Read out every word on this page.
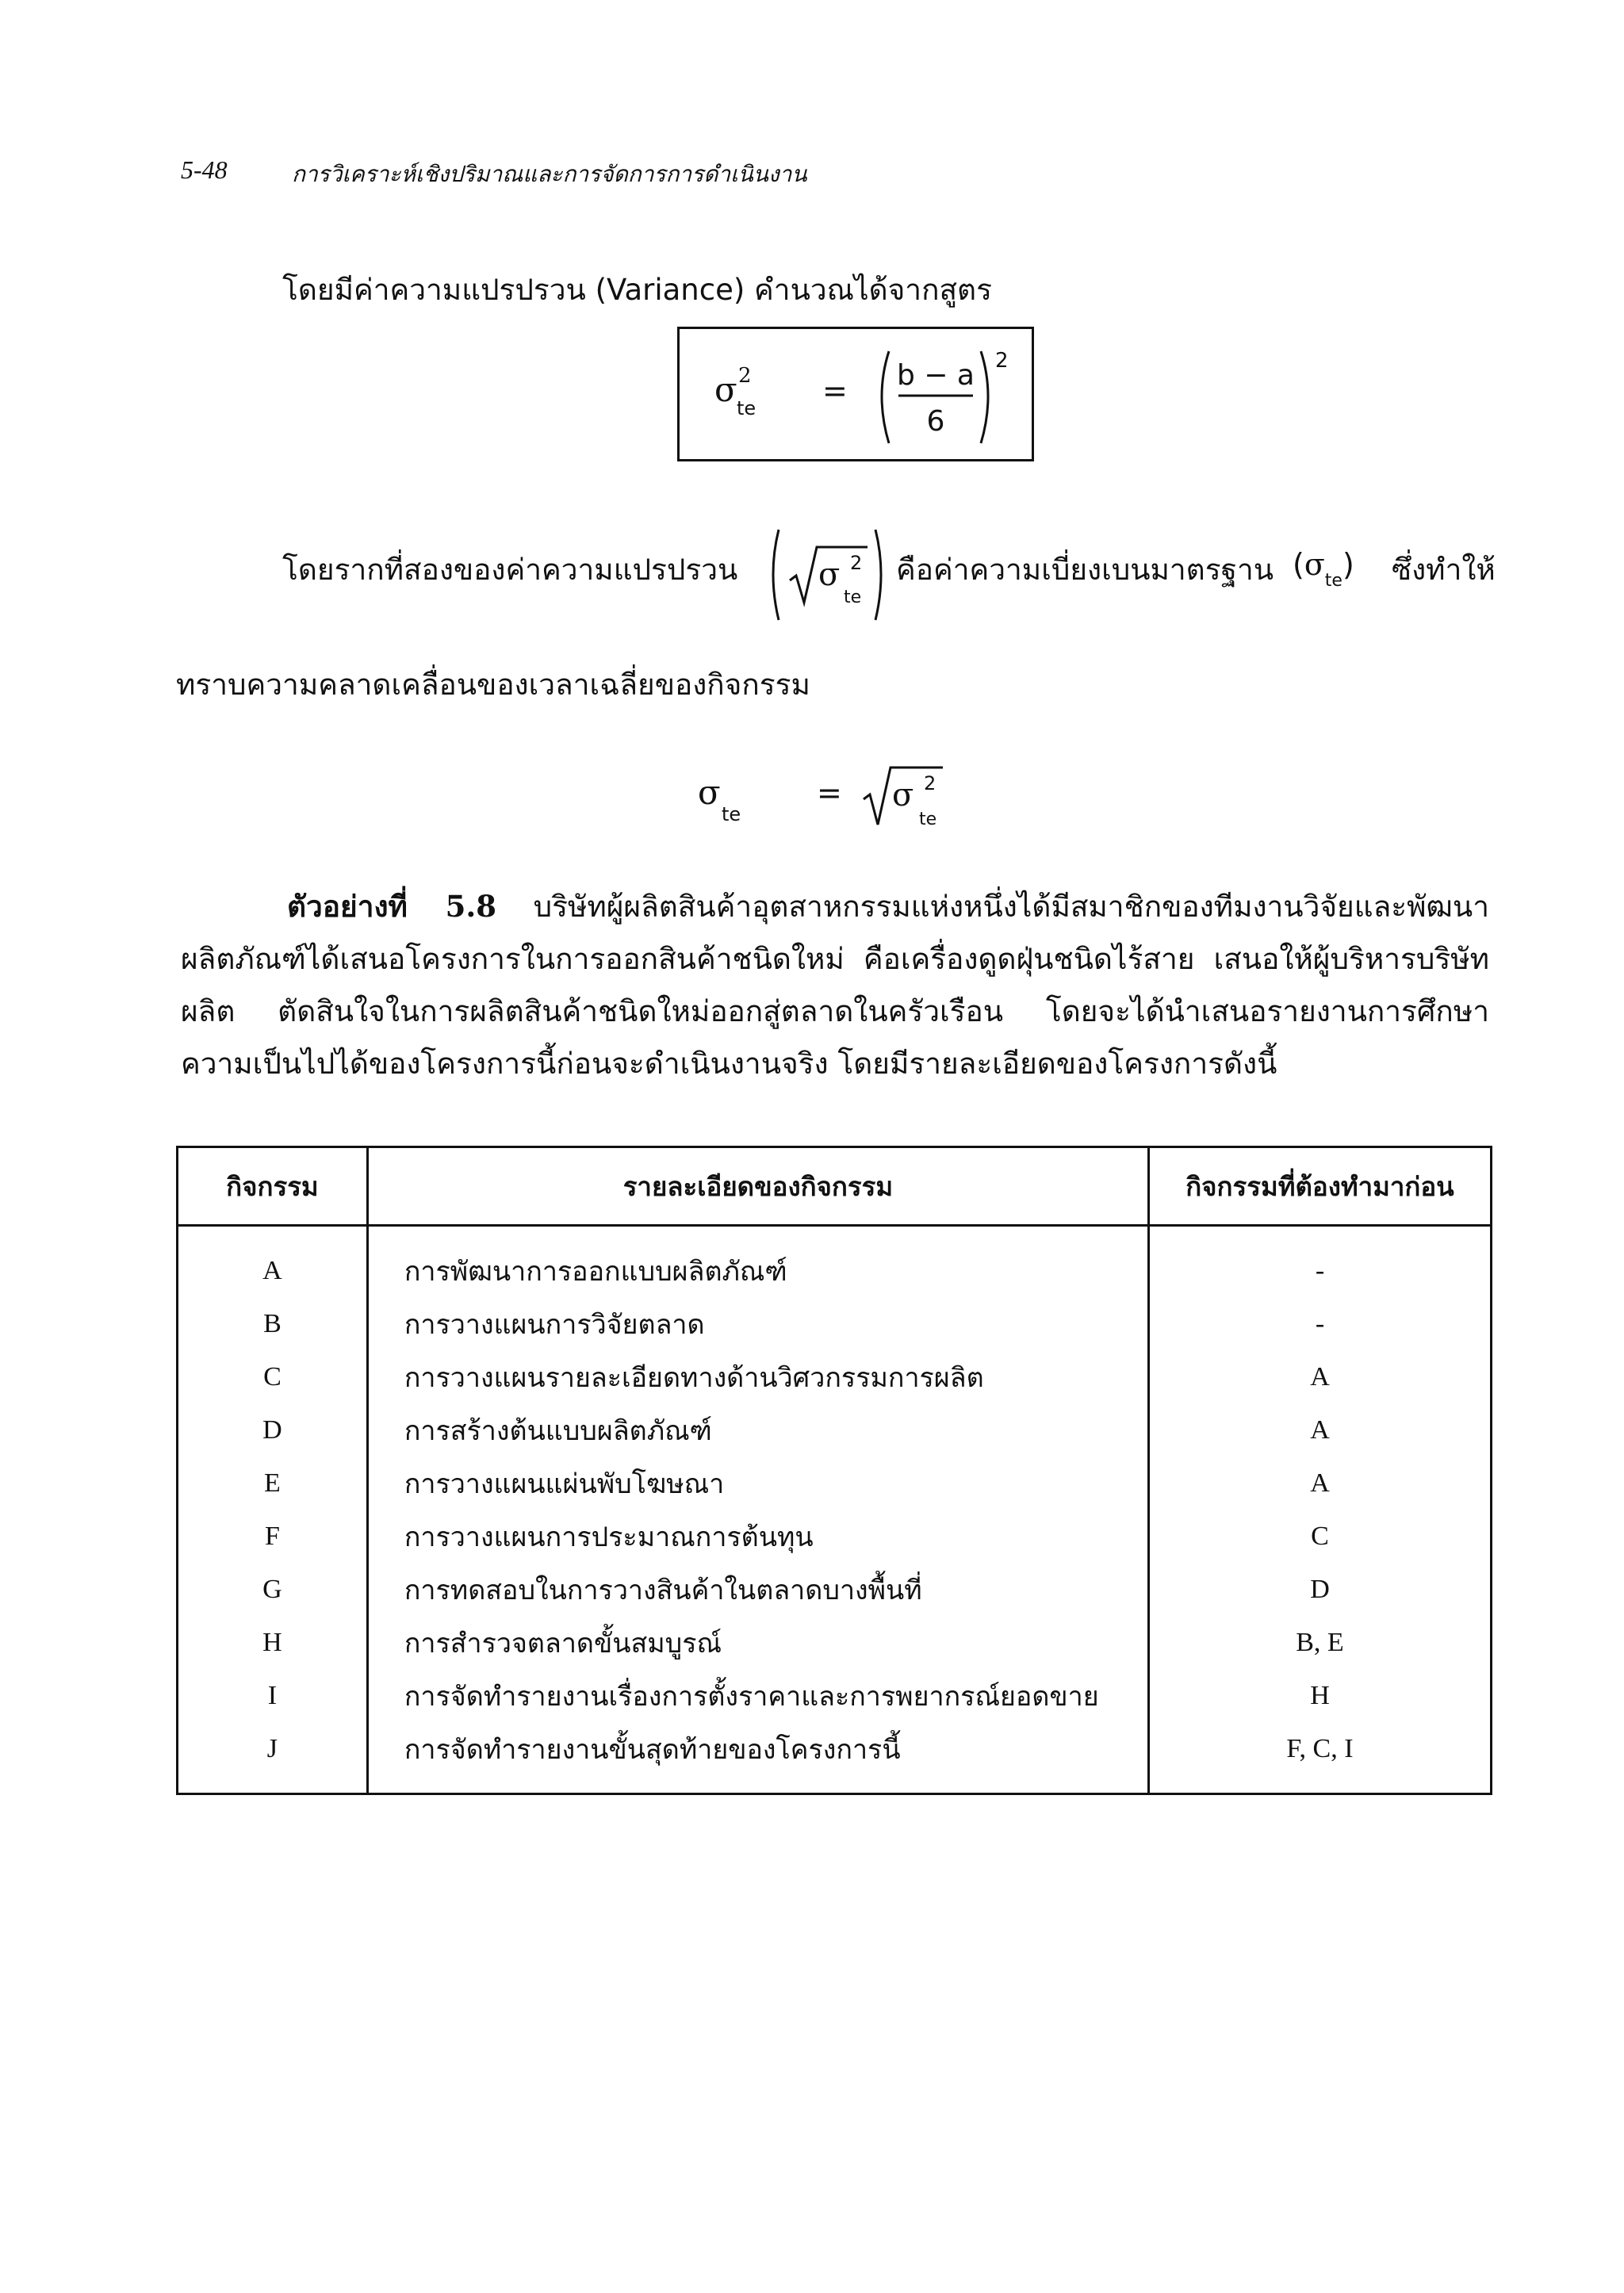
5-48	การวิเคราะห์เชิงปริมาณและการจัดการการดำเนินงาน
โดยมีค่าความแปรปรวน (Variance) คำนวณได้จากสูตร
σ 2
te = b − a
6
2
โดยรากที่สองของค่าความแปรปรวน	σ 2
te
คือค่าความเบี่ยงเบนมาตรฐาน $(\sigma_{te})$ ซึ่งทำให้
ทราบความคลาดเคลื่อนของเวลาเฉลี่ยของกิจกรรม
σ
te
= σ 2
te

ตัวอย่างที่ 5.8 บริษัทผู้ผลิตสินค้าอุตสาหกรรมแห่งหนึ่งได้มีสมาชิกของทีมงานวิจัยและพัฒนา

ผลิตภัณฑ์ได้เสนอโครงการในการออกสินค้าชนิดใหม่ คือเครื่องดูดฝุ่นชนิดไร้สาย เสนอให้ผู้บริหารบริษัท

ผลิต ตัดสินใจในการผลิตสินค้าชนิดใหม่ออกสู่ตลาดในครัวเรือน โดยจะได้นำเสนอรายงานการศึกษา

ความเป็นไปได้ของโครงการนี้ก่อนจะดำเนินงานจริง โดยมีรายละเอียดของโครงการดังนี้

กิจกรรม	รายละเอียดของกิจกรรม	กิจกรรมที่ต้องทำมาก่อน
A	การพัฒนาการออกแบบผลิตภัณฑ์	-
B	การวางแผนการวิจัยตลาด	-
C	การวางแผนรายละเอียดทางด้านวิศวกรรมการผลิต	A
D	การสร้างต้นแบบผลิตภัณฑ์	A
E	การวางแผนแผ่นพับโฆษณา	A
F	การวางแผนการประมาณการต้นทุน	C
G	การทดสอบในการวางสินค้าในตลาดบางพื้นที่	D
H	การสำรวจตลาดขั้นสมบูรณ์	B, E
I	การจัดทำรายงานเรื่องการตั้งราคาและการพยากรณ์ยอดขาย	H
J	การจัดทำรายงานขั้นสุดท้ายของโครงการนี้	F, C, I
